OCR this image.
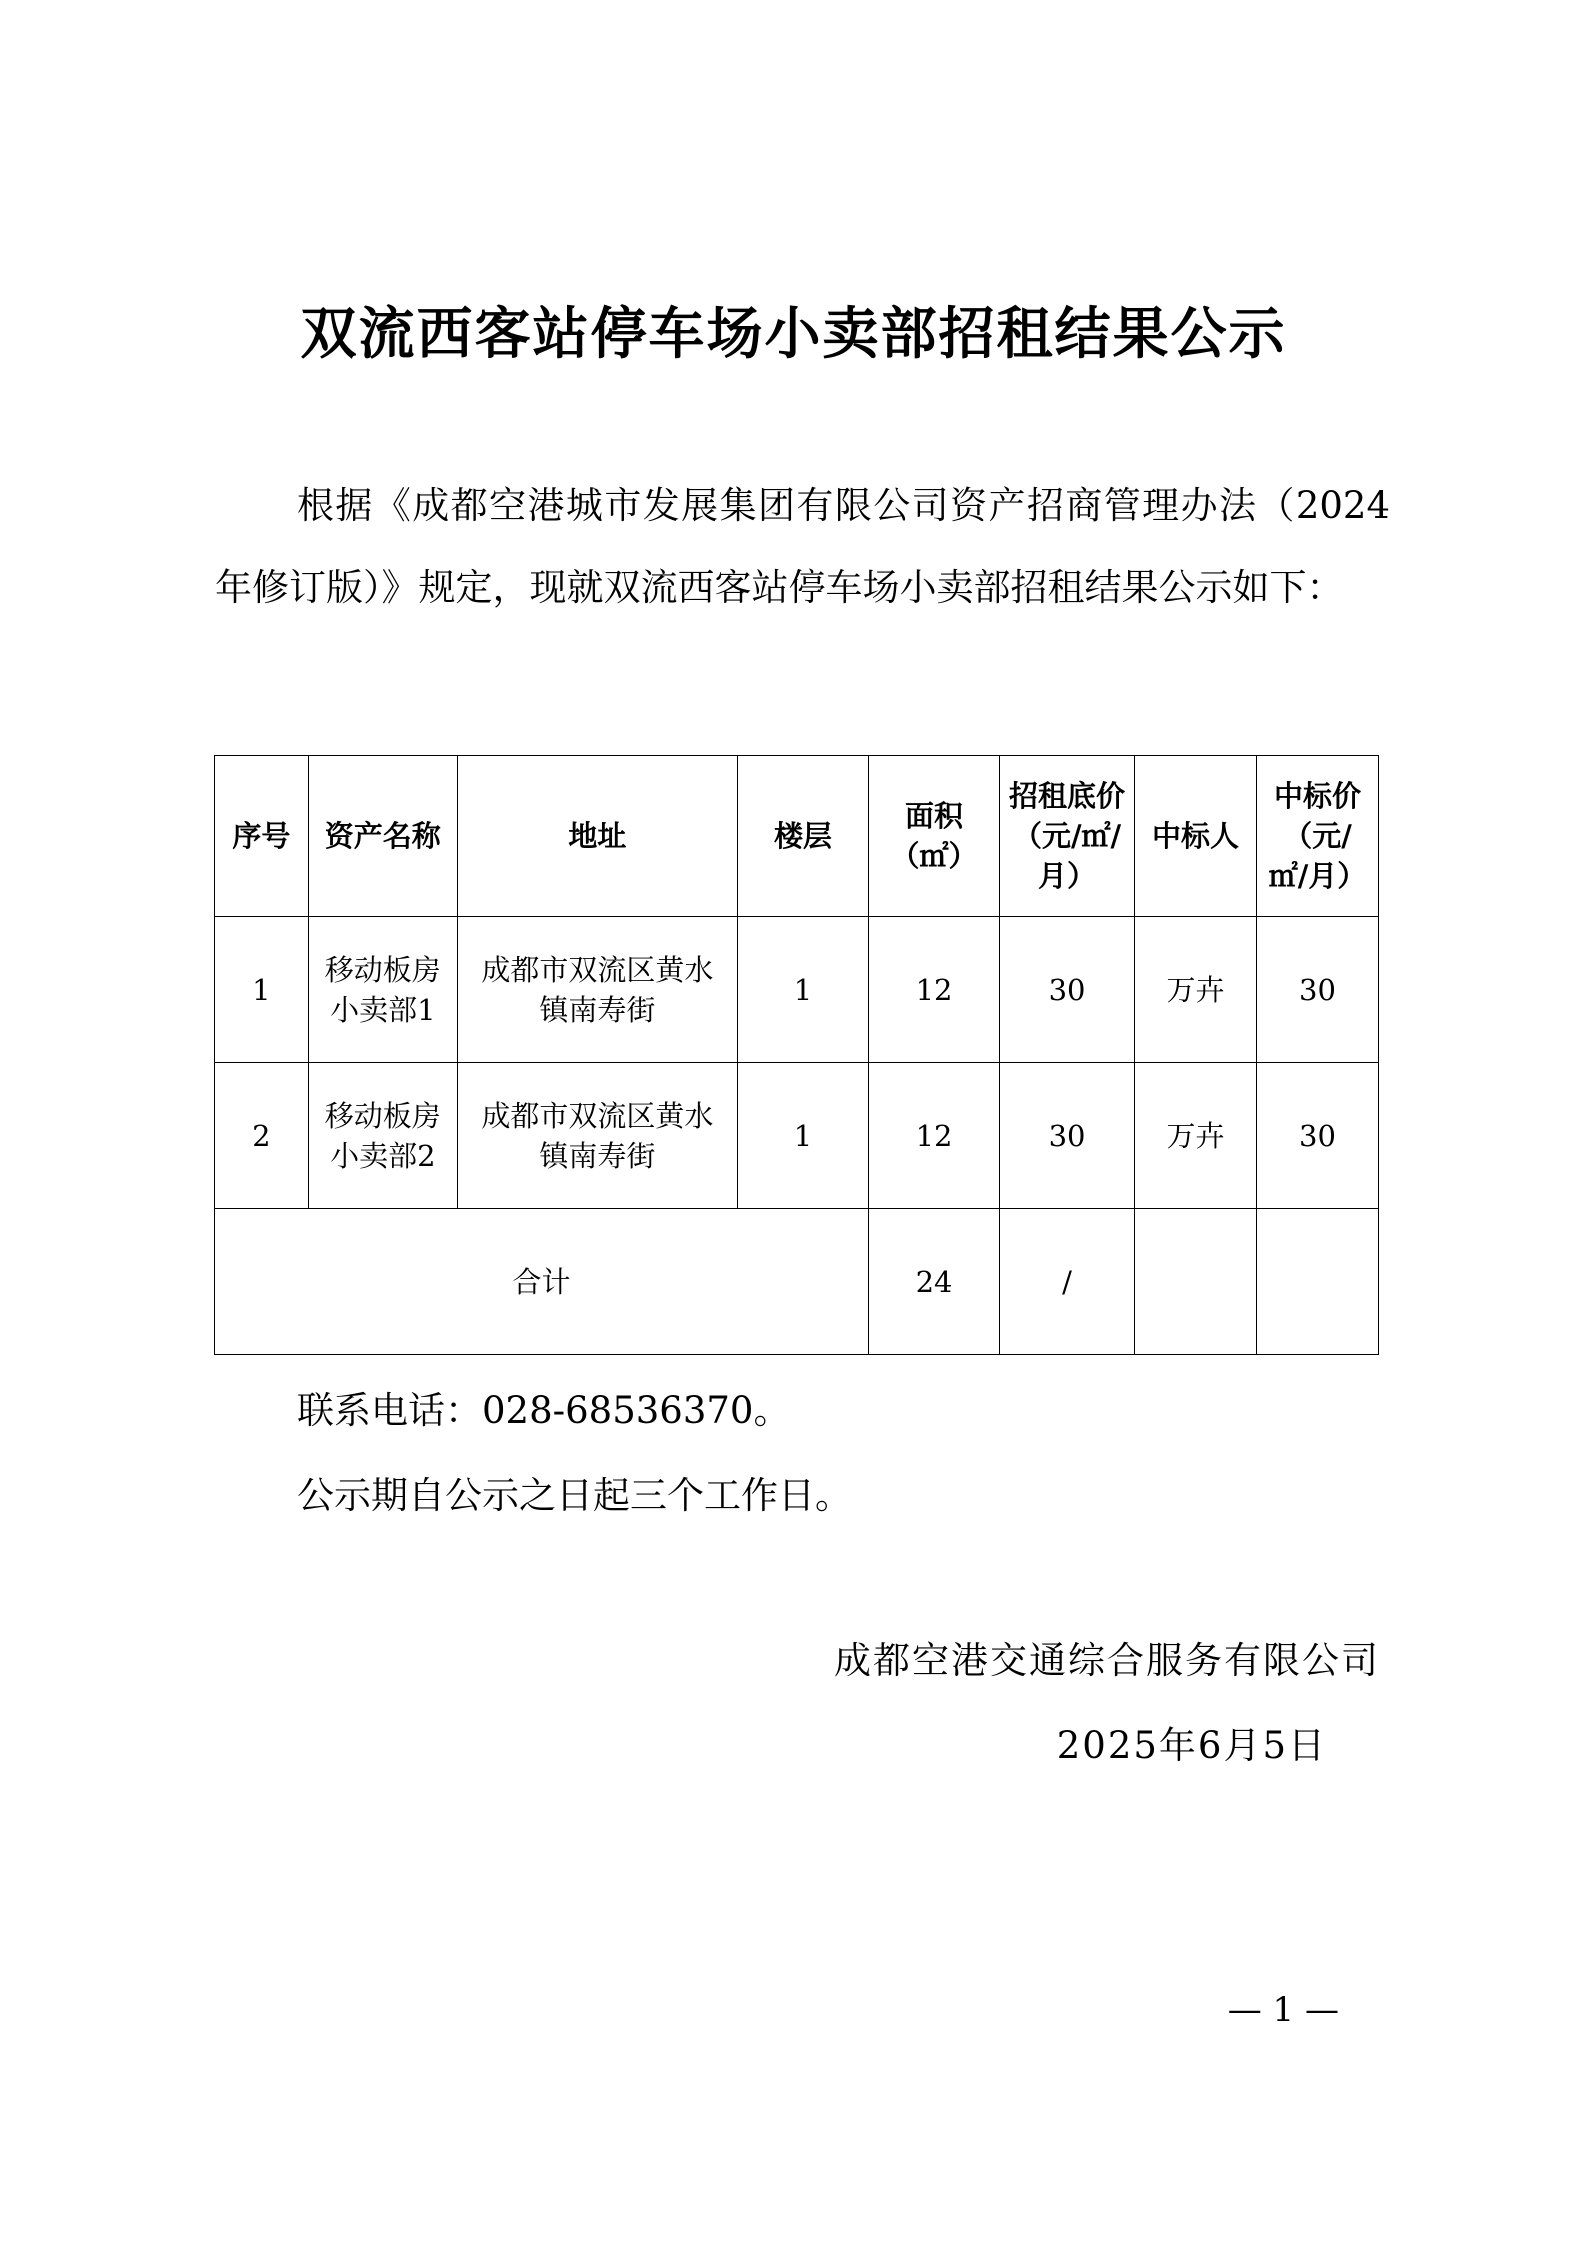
双流西客站停车场小卖部招租结果公示

根据《成都空港城市发展集团有限公司资产招商管理办法（2024年修订版）》规定，现就双流西客站停车场小卖部招租结果公示如下：

序号	资产名称	地址	楼层	面积（㎡）	招租底价（元/㎡/月）	中标人	中标价（元/㎡/月）
1	移动板房小卖部1	成都市双流区黄水镇南寿街	1	12	30	万卉	30
2	移动板房小卖部2	成都市双流区黄水镇南寿街	1	12	30	万卉	30
合计				24	/		

联系电话：028-68536370。

公示期自公示之日起三个工作日。

成都空港交通综合服务有限公司

2025年6月5日

— 1 —
